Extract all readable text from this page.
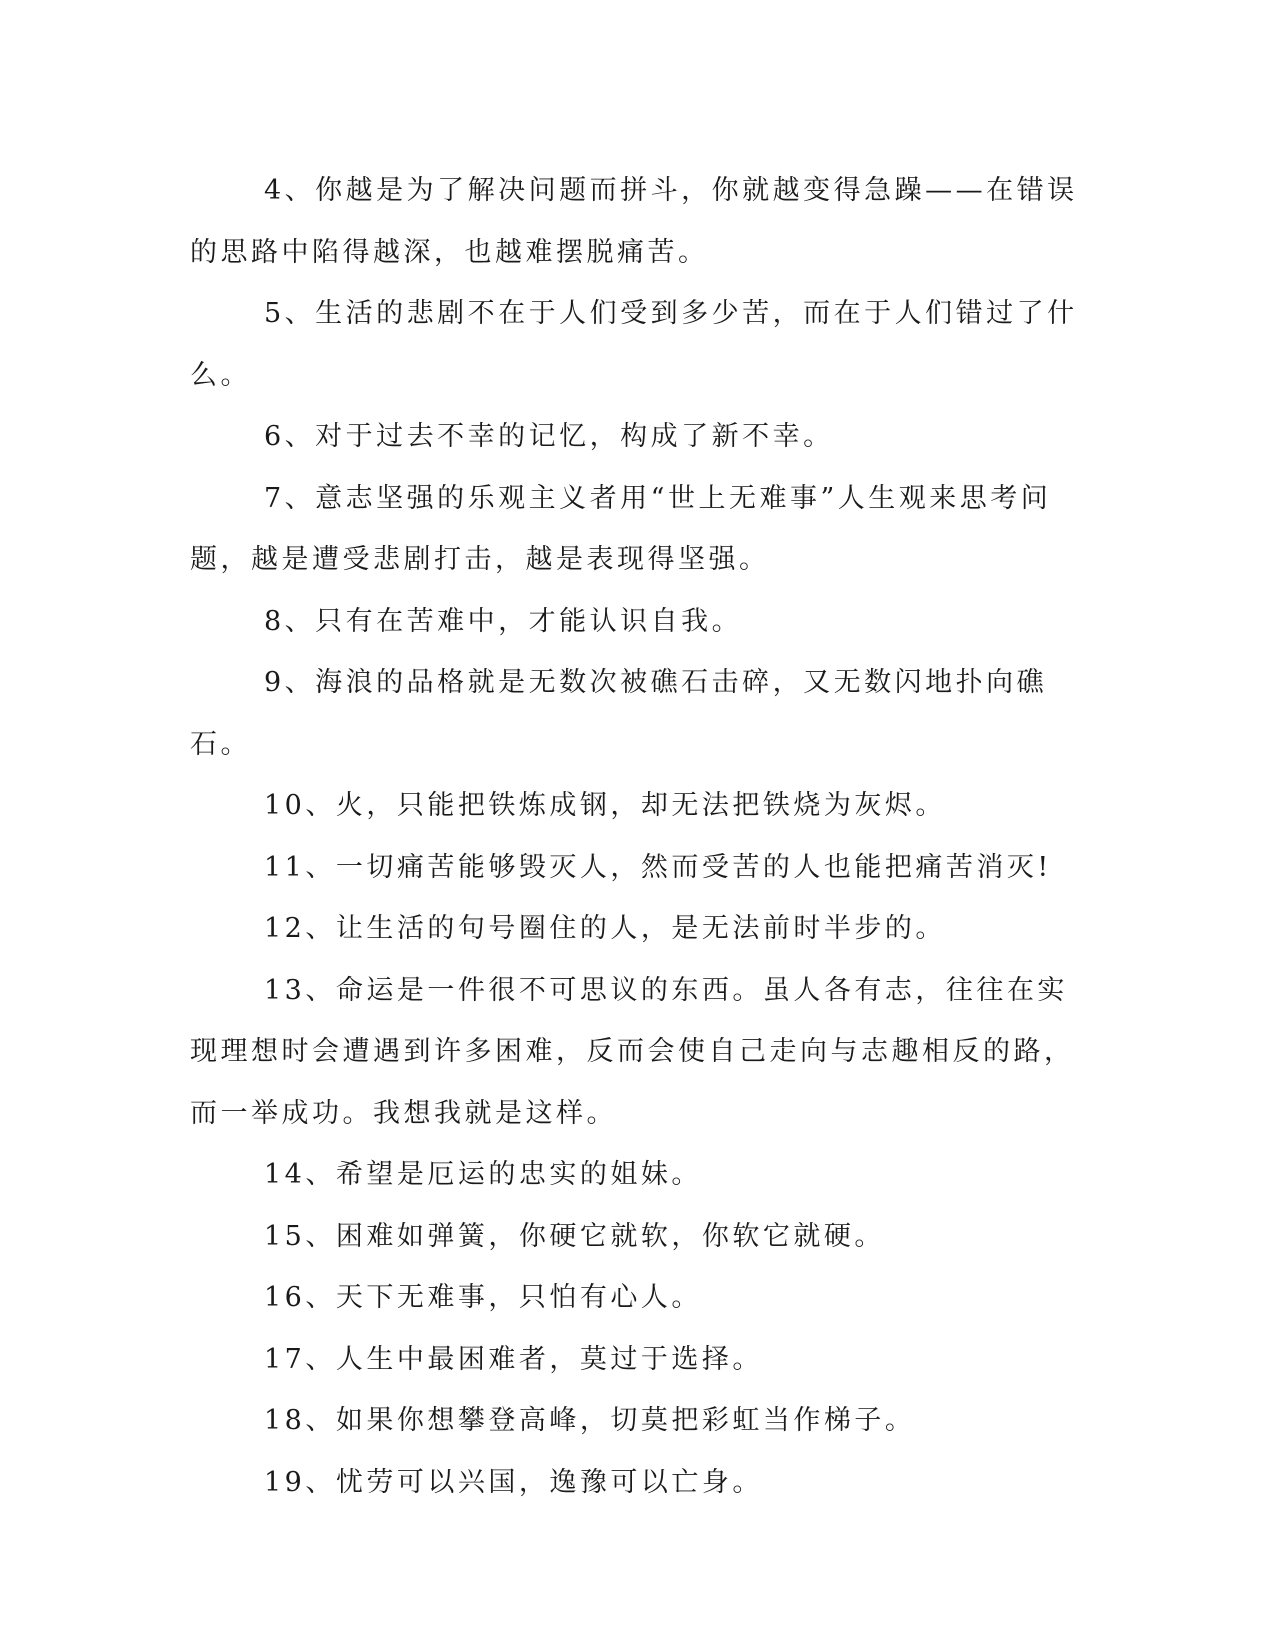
4、你越是为了解决问题而拼斗，你就越变得急躁——在错误的思路中陷得越深，也越难摆脱痛苦。

5、生活的悲剧不在于人们受到多少苦，而在于人们错过了什么。

6、对于过去不幸的记忆，构成了新不幸。

7、意志坚强的乐观主义者用“世上无难事”人生观来思考问题，越是遭受悲剧打击，越是表现得坚强。

8、只有在苦难中，才能认识自我。

9、海浪的品格就是无数次被礁石击碎，又无数闪地扑向礁石。

10、火，只能把铁炼成钢，却无法把铁烧为灰烬。

11、一切痛苦能够毁灭人，然而受苦的人也能把痛苦消灭!

12、让生活的句号圈住的人，是无法前时半步的。

13、命运是一件很不可思议的东西。虽人各有志，往往在实现理想时会遭遇到许多困难，反而会使自己走向与志趣相反的路，而一举成功。我想我就是这样。

14、希望是厄运的忠实的姐妹。

15、困难如弹簧，你硬它就软，你软它就硬。

16、天下无难事，只怕有心人。

17、人生中最困难者，莫过于选择。

18、如果你想攀登高峰，切莫把彩虹当作梯子。

19、忧劳可以兴国，逸豫可以亡身。
